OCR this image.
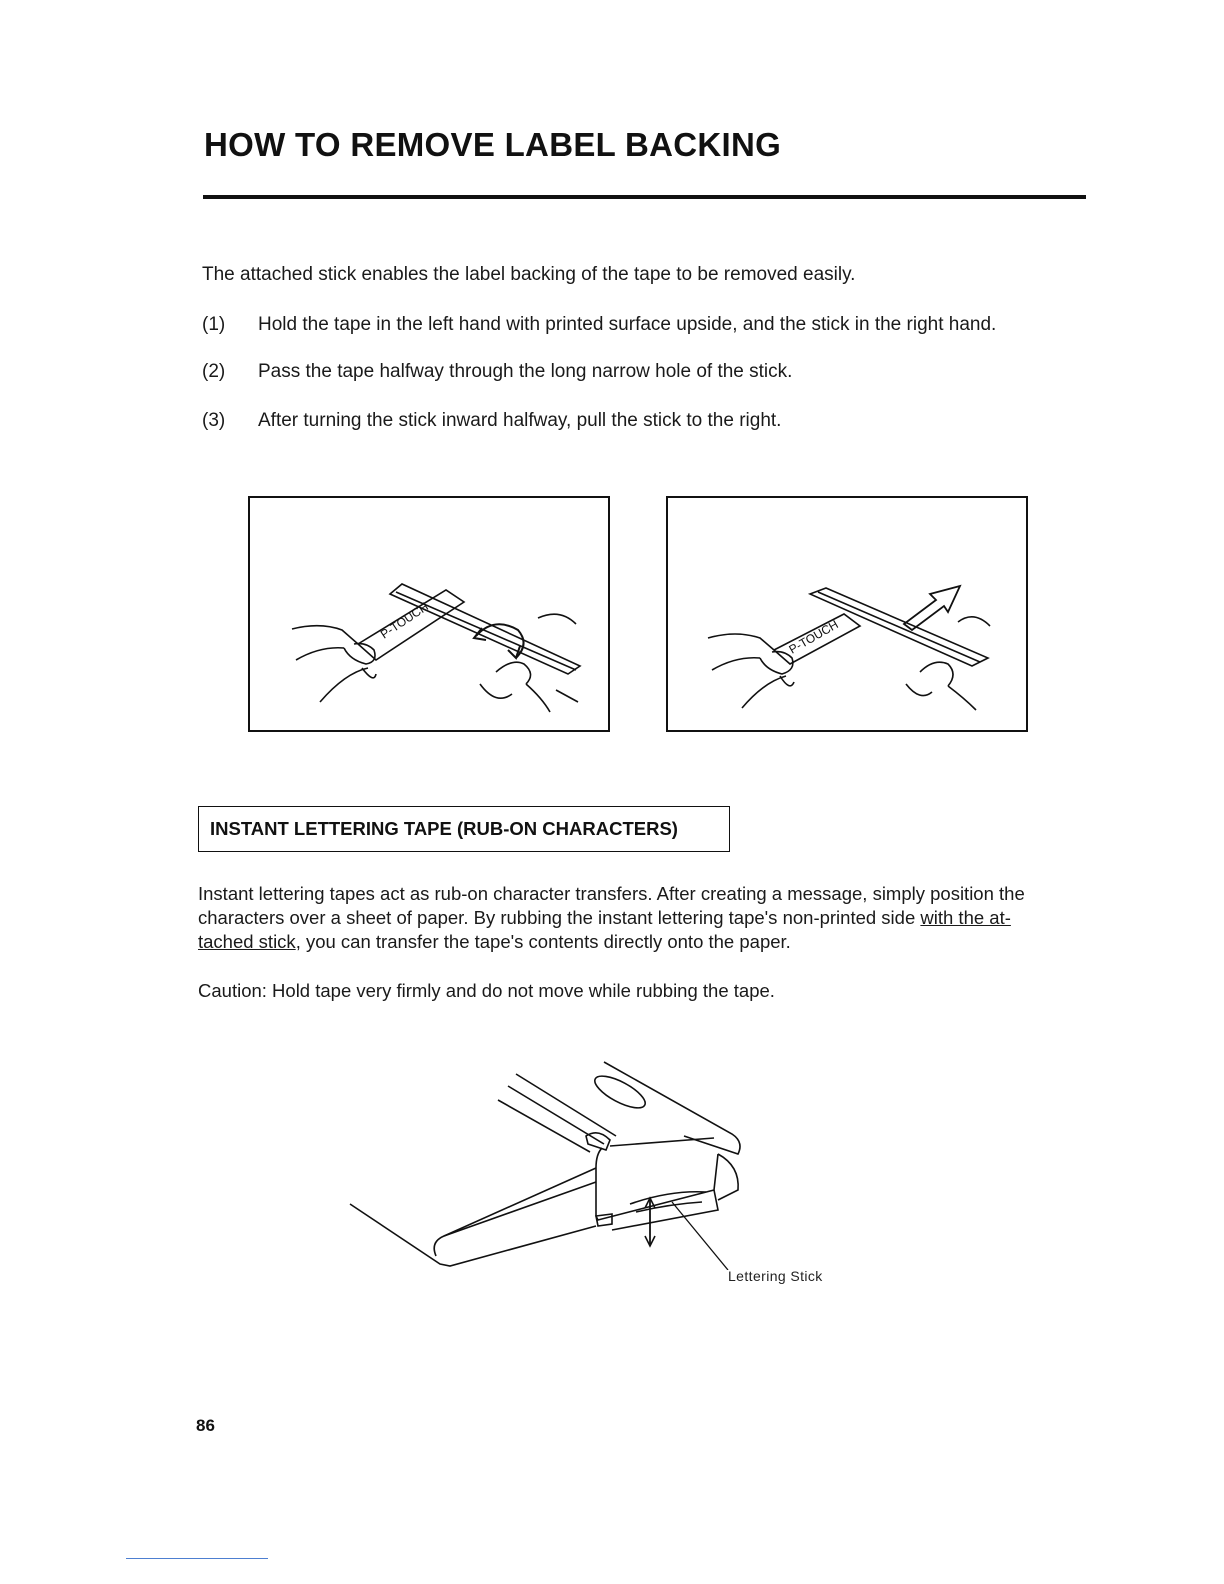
HOW TO REMOVE LABEL BACKING
The attached stick enables the label backing of the tape to be removed easily.
(1) Hold the tape in the left hand with printed surface upside, and the stick in the right hand.
(2) Pass the tape halfway through the long narrow hole of the stick.
(3) After turning the stick inward halfway, pull the stick to the right.
P-TOUCH	P-TOUCH
INSTANT LETTERING TAPE (RUB-ON CHARACTERS)
Instant lettering tapes act as rub-on character transfers. After creating a message, simply position the
characters over a sheet of paper. By rubbing the instant lettering tape's non-printed side with the at-
tached stick, you can transfer the tape's contents directly onto the paper.
Caution: Hold tape very firmly and do not move while rubbing the tape.
Lettering Stick
86
